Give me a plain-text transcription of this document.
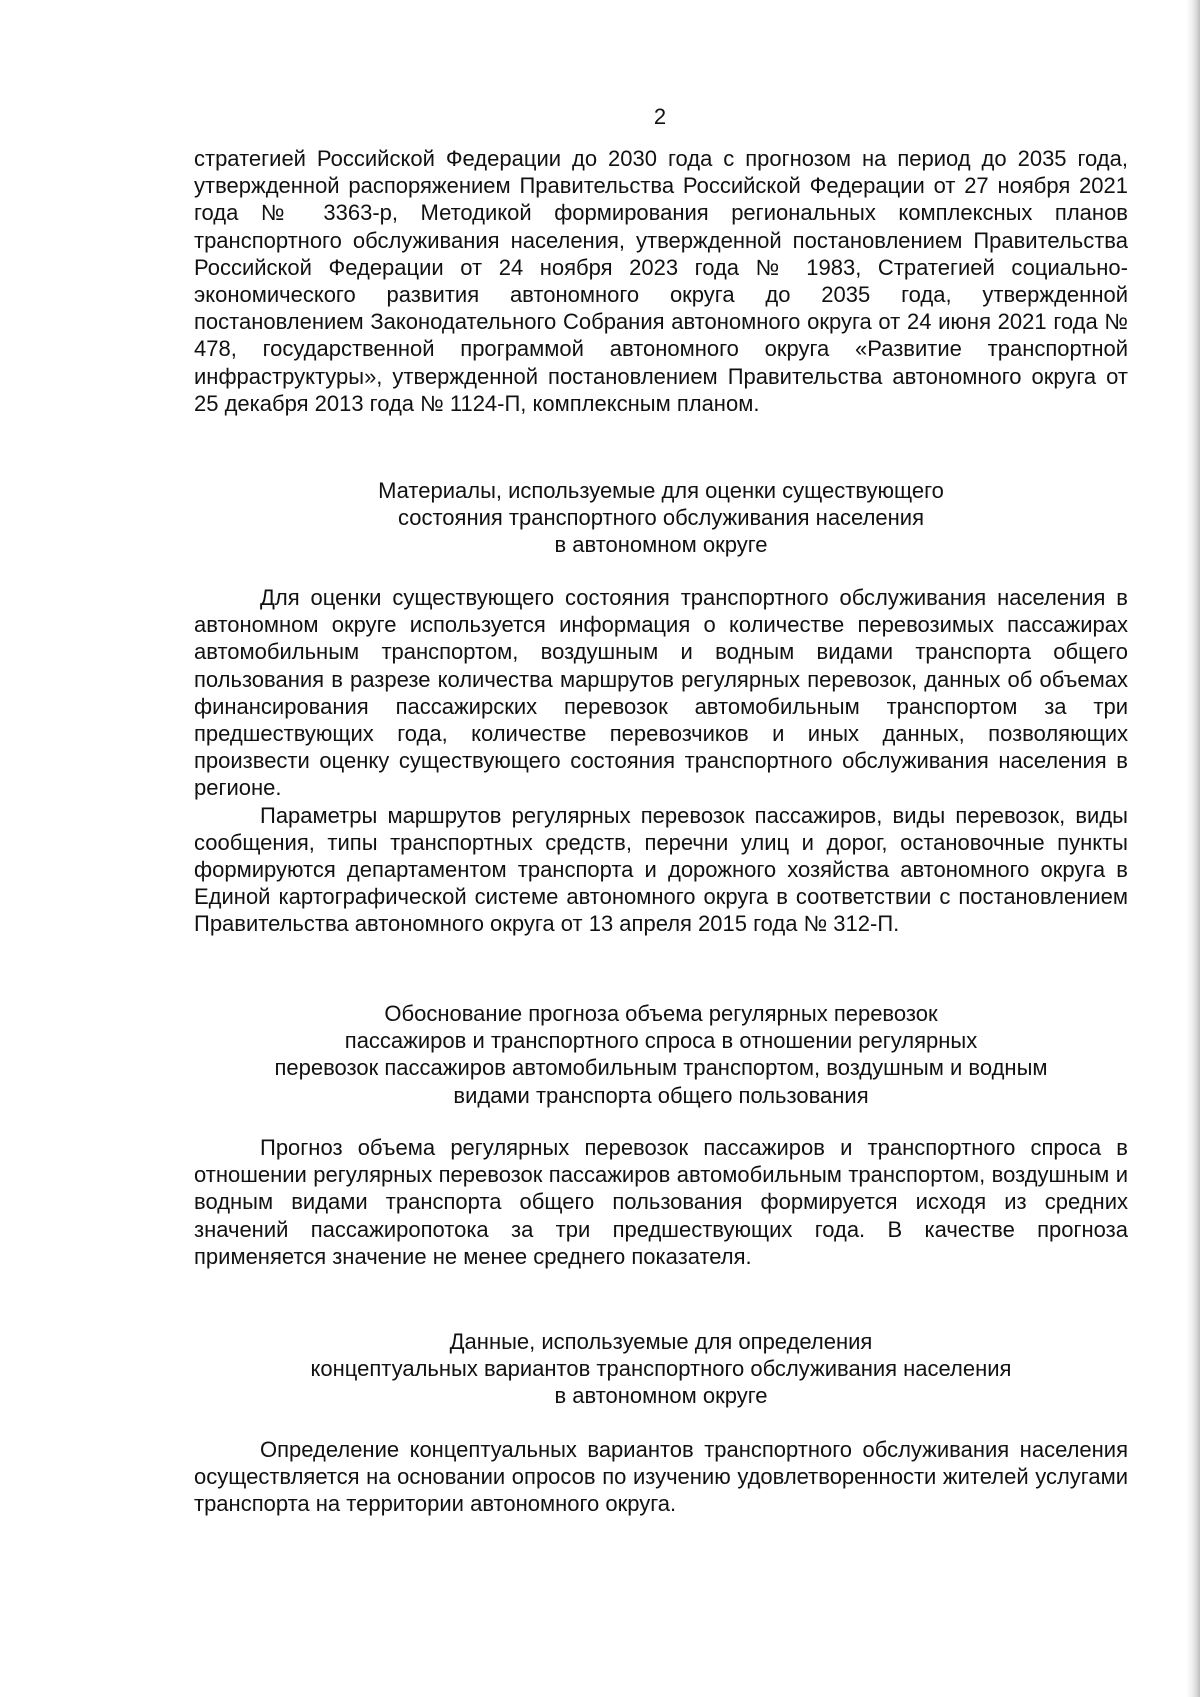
2

стратегией Российской Федерации до 2030 года с прогнозом на период до 2035 года, утвержденной распоряжением Правительства Российской Федерации от 27 ноября 2021 года № 3363-р, Методикой формирования региональных комплексных планов транспортного обслуживания населения, утвержденной постановлением Правительства Российской Федерации от 24 ноября 2023 года № 1983, Стратегией социально-экономического развития автономного округа до 2035 года, утвержденной постановлением Законодательного Собрания автономного округа от 24 июня 2021 года № 478, государственной программой автономного округа «Развитие транспортной инфраструктуры», утвержденной постановлением Правительства автономного округа от 25 декабря 2013 года № 1124-П, комплексным планом.

Материалы, используемые для оценки существующего
состояния транспортного обслуживания населения
в автономном округе

Для оценки существующего состояния транспортного обслуживания населения в автономном округе используется информация о количестве перевозимых пассажирах автомобильным транспортом, воздушным и водным видами транспорта общего пользования в разрезе количества маршрутов регулярных перевозок, данных об объемах финансирования пассажирских перевозок автомобильным транспортом за три предшествующих года, количестве перевозчиков и иных данных, позволяющих произвести оценку существующего состояния транспортного обслуживания населения в регионе.

Параметры маршрутов регулярных перевозок пассажиров, виды перевозок, виды сообщения, типы транспортных средств, перечни улиц и дорог, остановочные пункты формируются департаментом транспорта и дорожного хозяйства автономного округа в Единой картографической системе автономного округа в соответствии с постановлением Правительства автономного округа от 13 апреля 2015 года № 312-П.

Обоснование прогноза объема регулярных перевозок
пассажиров и транспортного спроса в отношении регулярных
перевозок пассажиров автомобильным транспортом, воздушным и водным
видами транспорта общего пользования

Прогноз объема регулярных перевозок пассажиров и транспортного спроса в отношении регулярных перевозок пассажиров автомобильным транспортом, воздушным и водным видами транспорта общего пользования формируется исходя из средних значений пассажиропотока за три предшествующих года. В качестве прогноза применяется значение не менее среднего показателя.

Данные, используемые для определения
концептуальных вариантов транспортного обслуживания населения
в автономном округе

Определение концептуальных вариантов транспортного обслуживания населения осуществляется на основании опросов по изучению удовлетворенности жителей услугами транспорта на территории автономного округа.
